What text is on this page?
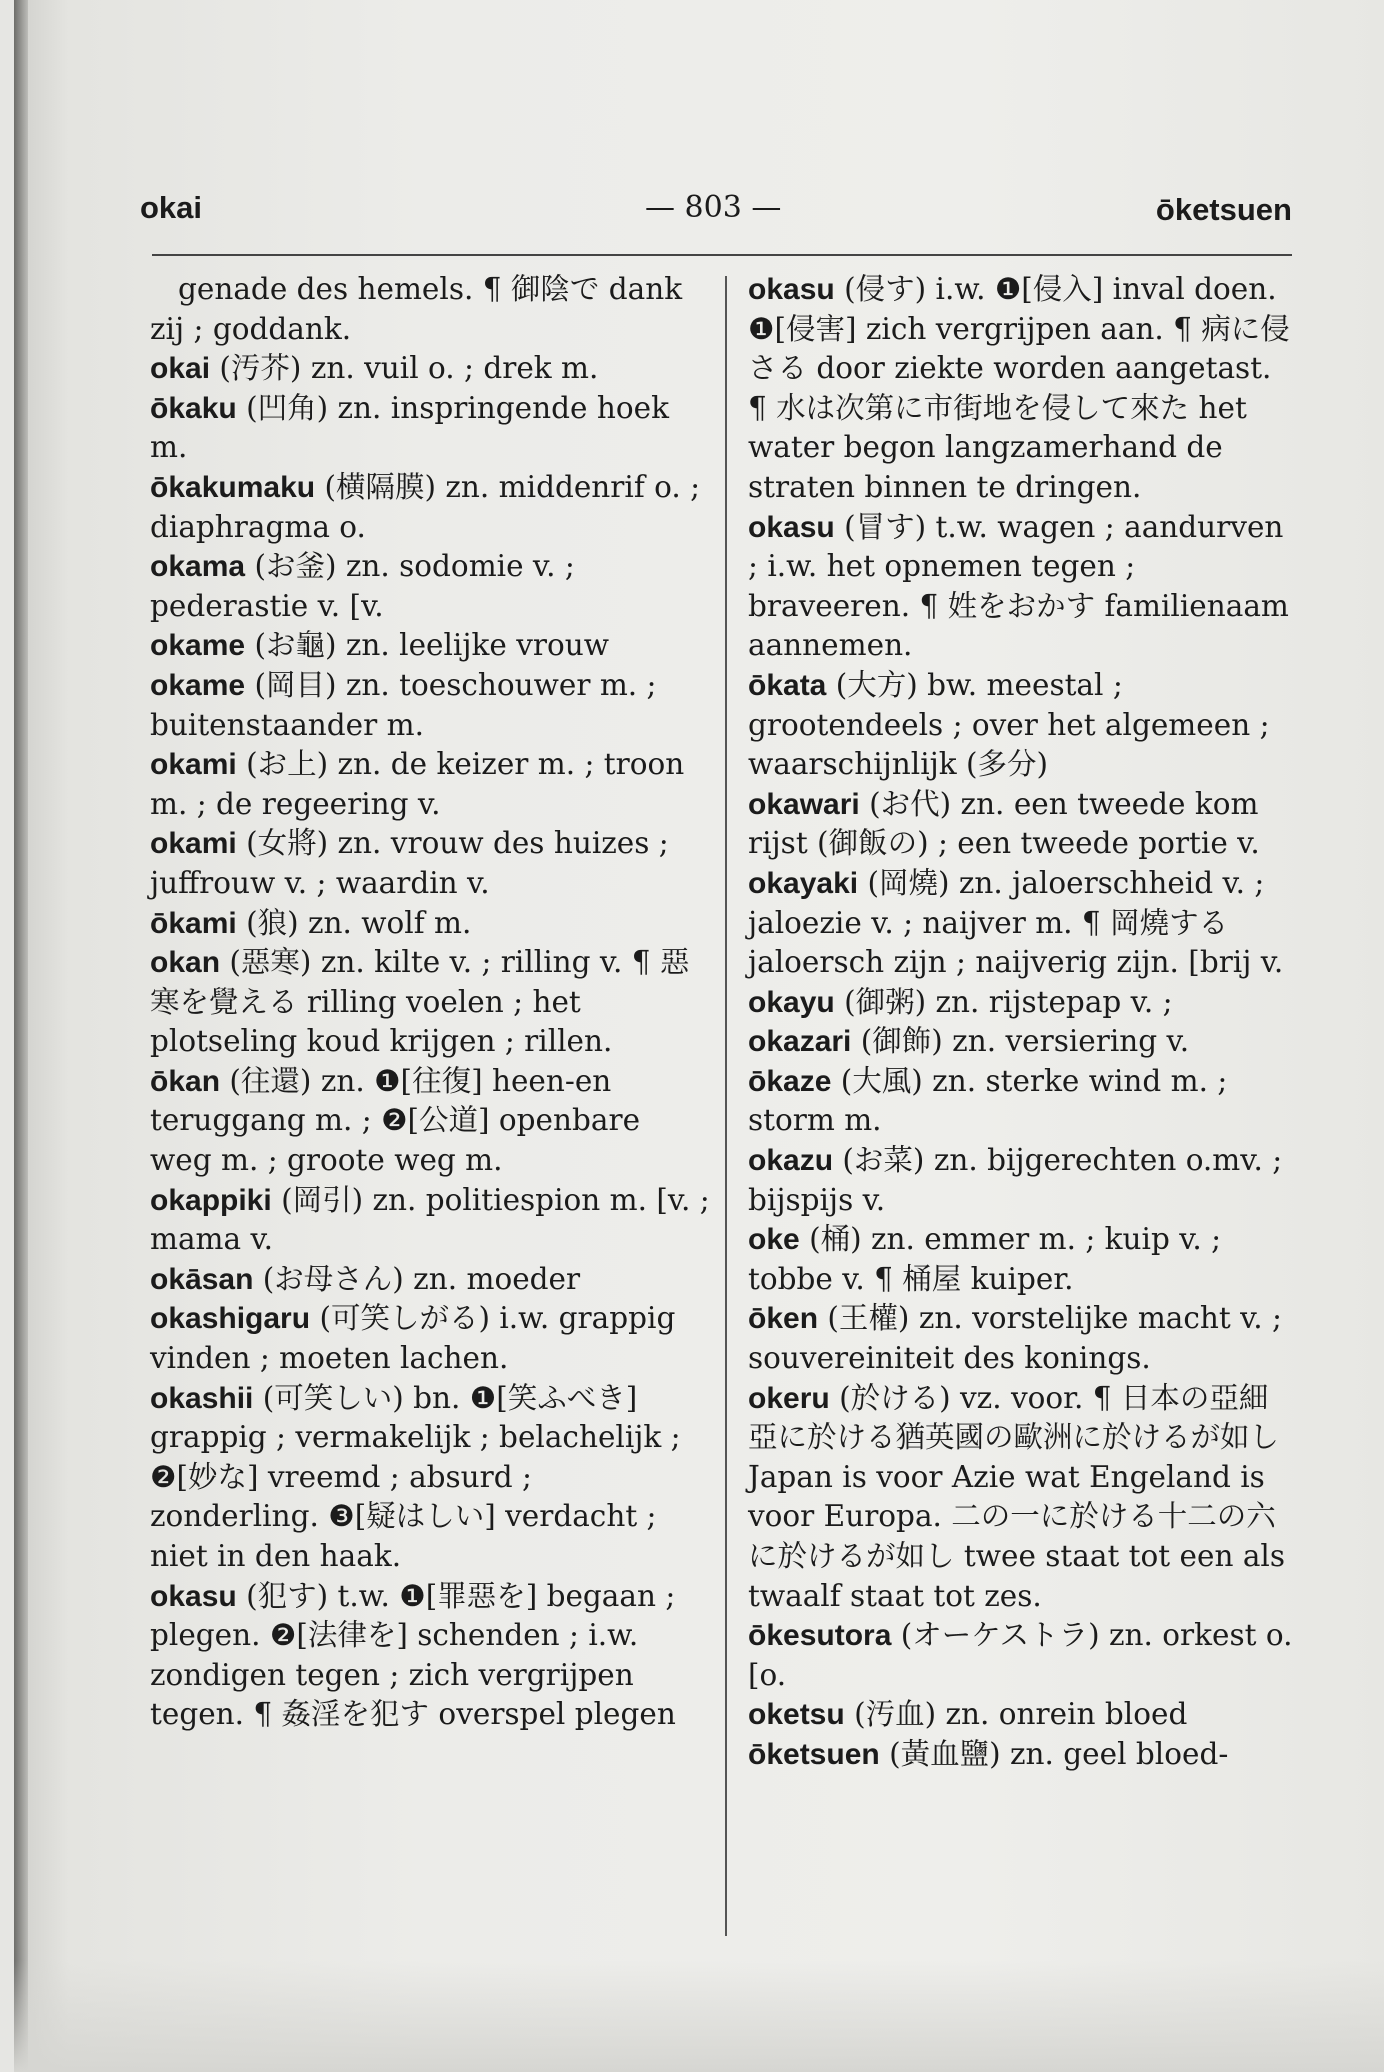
okai	— 803 —	ōketsuen

genade des hemels. ¶ 御陰で dank zij ; goddank.

okai (汚芥) zn. vuil o. ; drek m.

ōkaku (凹角) zn. inspringende hoek m.

ōkakumaku (横隔膜) zn. middenrif o. ; diaphragma o.

okama (お釜) zn. sodomie v. ; pederastie v. [v.

okame (お龜) zn. leelijke vrouw

okame (岡目) zn. toeschouwer m. ; buitenstaander m.

okami (お上) zn. de keizer m. ; troon m. ; de regeering v.

okami (女將) zn. vrouw des huizes ; juffrouw v. ; waardin v.

ōkami (狼) zn. wolf m.

okan (惡寒) zn. kilte v. ; rilling v. ¶ 惡寒を覺える rilling voelen ; het plotseling koud krijgen ; rillen.

ōkan (往還) zn. ❶[往復] heen-en teruggang m. ; ❷[公道] openbare weg m. ; groote weg m.

okappiki (岡引) zn. politiespion m. [v. ; mama v.

okāsan (お母さん) zn. moeder

okashigaru (可笑しがる) i.w. grappig vinden ; moeten lachen.

okashii (可笑しい) bn. ❶[笑ふべき] grappig ; vermakelijk ; belachelijk ; ❷[妙な] vreemd ; absurd ; zonderling. ❸[疑はしい] verdacht ; niet in den haak.

okasu (犯す) t.w. ❶[罪惡を] begaan ; plegen. ❷[法律を] schenden ; i.w. zondigen tegen ; zich vergrijpen tegen. ¶ 姦淫を犯す overspel plegen

okasu (侵す) i.w. ❶[侵入] inval doen. ❶[侵害] zich vergrijpen aan. ¶ 病に侵さる door ziekte worden aangetast. ¶ 水は次第に市街地を侵して來た het water begon langzamerhand de straten binnen te dringen.

okasu (冒す) t.w. wagen ; aandurven ; i.w. het opnemen tegen ; braveeren. ¶ 姓をおかす familienaam aannemen.

ōkata (大方) bw. meestal ; grootendeels ; over het algemeen ; waarschijnlijk (多分)

okawari (お代) zn. een tweede kom rijst (御飯の) ; een tweede portie v.

okayaki (岡燒) zn. jaloerschheid v. ; jaloezie v. ; naijver m. ¶ 岡燒する jaloersch zijn ; naijverig zijn. [brij v.

okayu (御粥) zn. rijstepap v. ;

okazari (御飾) zn. versiering v.

ōkaze (大風) zn. sterke wind m. ; storm m.

okazu (お菜) zn. bijgerechten o.mv. ; bijspijs v.

oke (桶) zn. emmer m. ; kuip v. ; tobbe v. ¶ 桶屋 kuiper.

ōken (王權) zn. vorstelijke macht v. ; souvereiniteit des konings.

okeru (於ける) vz. voor. ¶ 日本の亞細亞に於ける猶英國の歐洲に於けるが如し Japan is voor Azie wat Engeland is voor Europa. 二の一に於ける十二の六に於けるが如し twee staat tot een als twaalf staat tot zes.

ōkesutora (オーケストラ) zn. orkest o. [o.

oketsu (汚血) zn. onrein bloed

ōketsuen (黃血鹽) zn. geel bloed-
